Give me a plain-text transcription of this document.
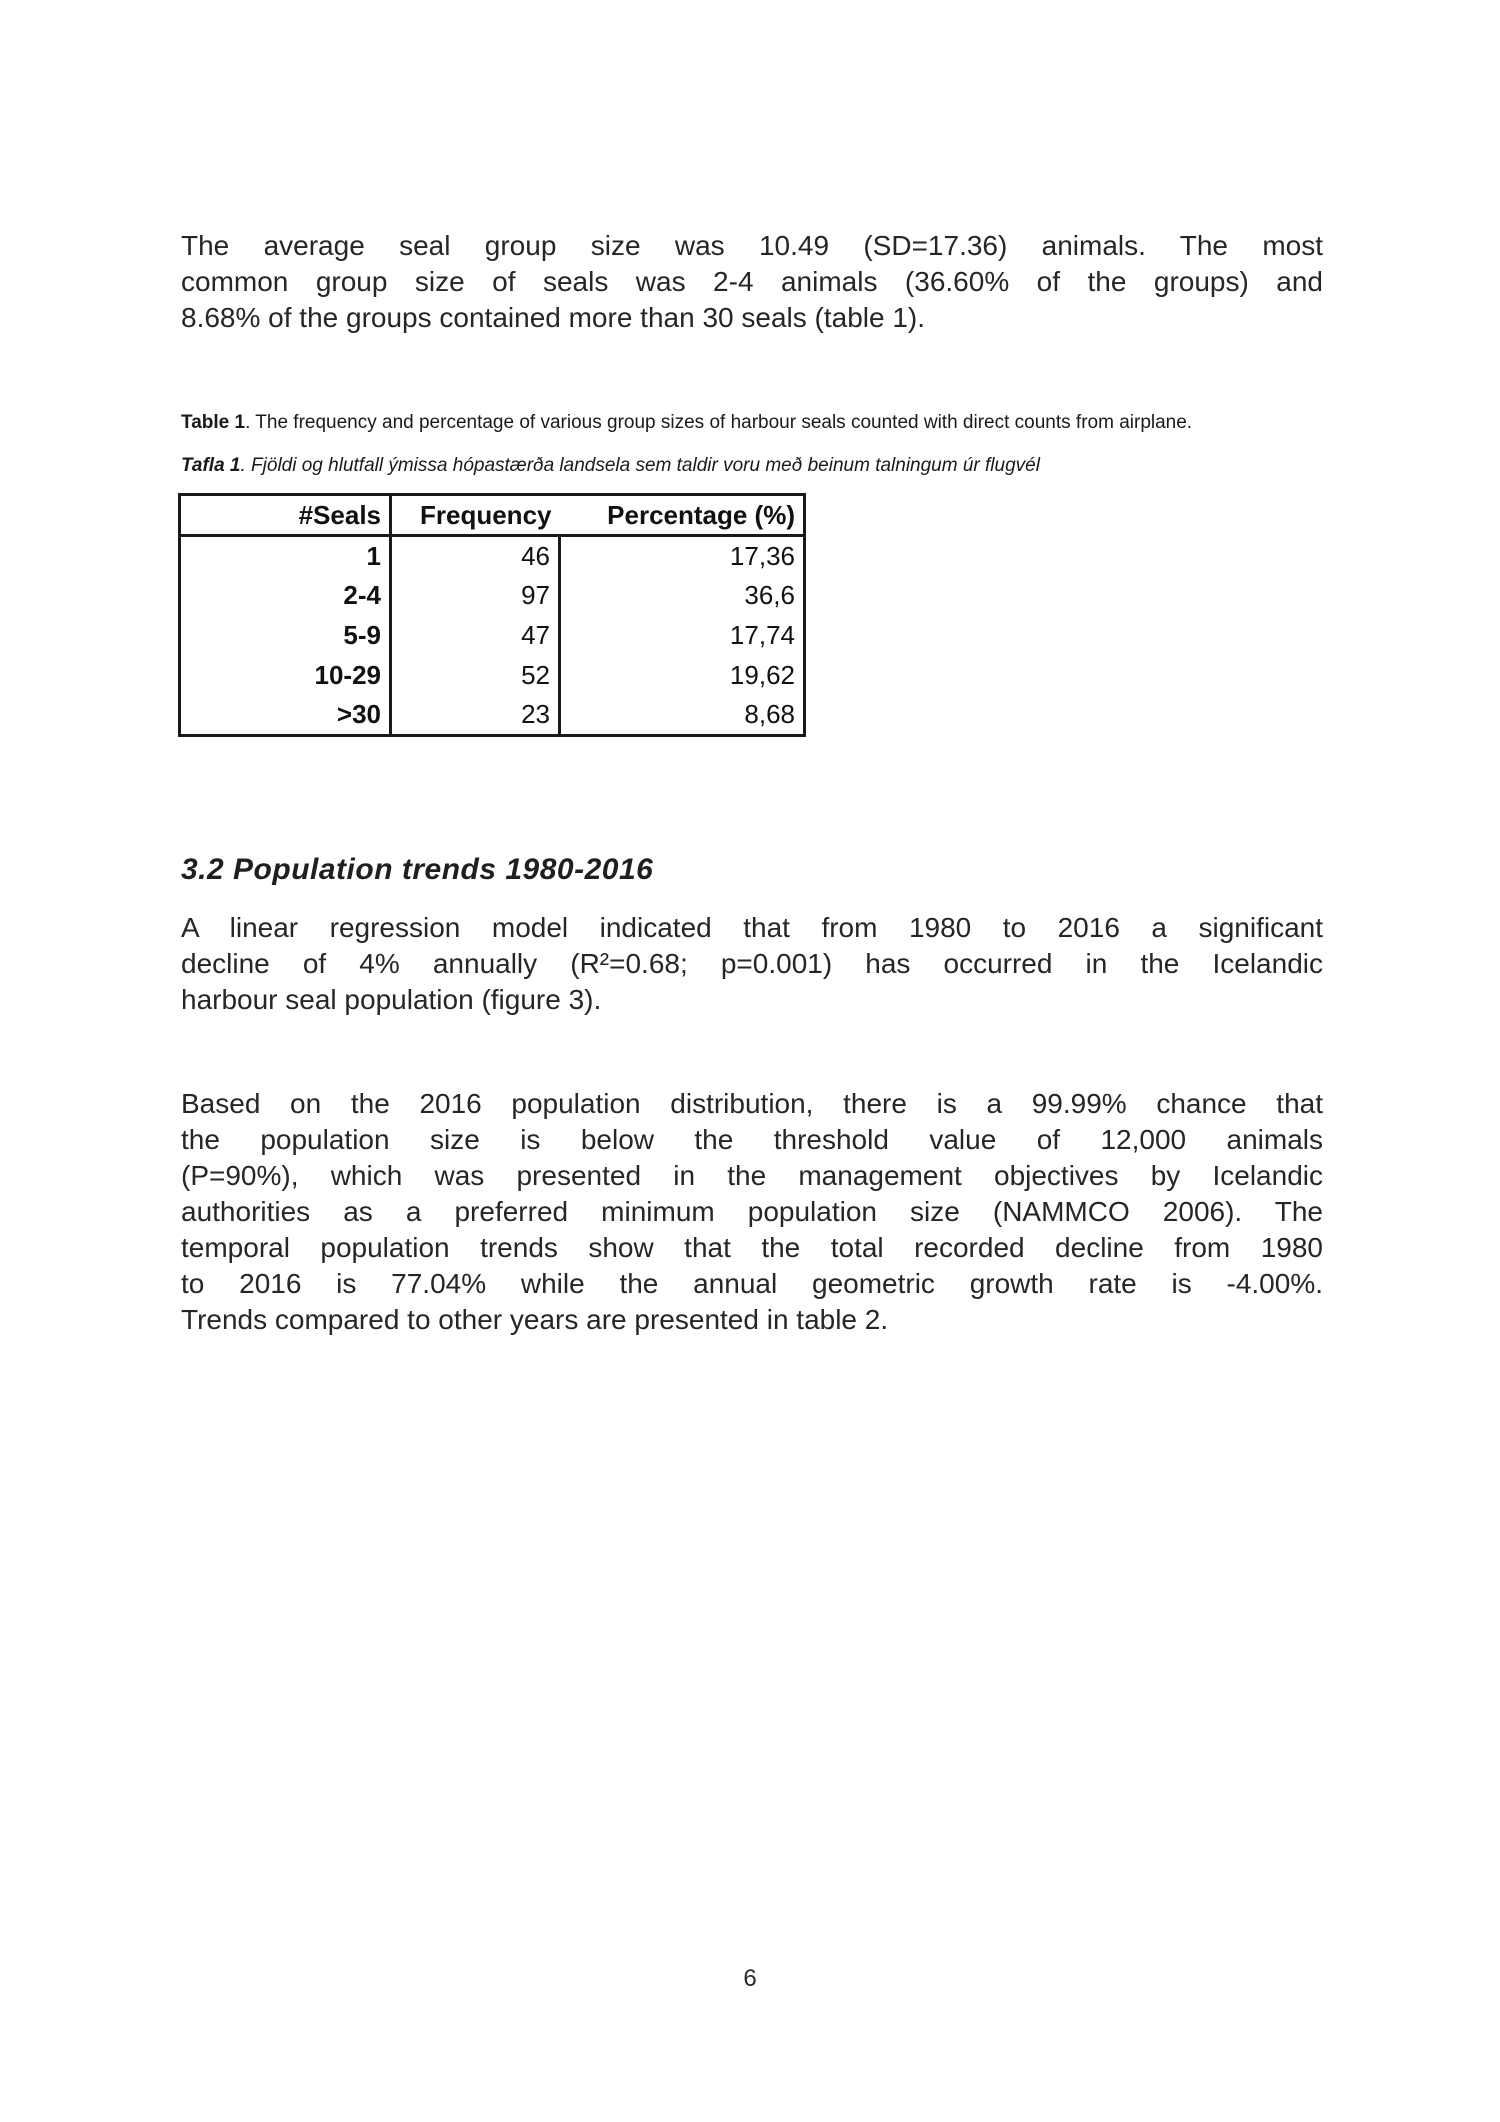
The average seal group size was 10.49 (SD=17.36) animals. The most
common group size of seals was 2-4 animals (36.60% of the groups) and
8.68% of the groups contained more than 30 seals (table 1).
Table 1. The frequency and percentage of various group sizes of harbour seals counted with direct counts from airplane.
Tafla 1. Fjöldi og hlutfall ýmissa hópastærða landsela sem taldir voru með beinum talningum úr flugvél
#Seals	Frequency	Percentage (%)
1	46	17,36
2-4	97	36,6
5-9	47	17,74
10-29	52	19,62
>30	23	8,68
3.2 Population trends 1980-2016
A linear regression model indicated that from 1980 to 2016 a significant
decline of 4% annually (R²=0.68; p=0.001) has occurred in the Icelandic
harbour seal population (figure 3).
Based on the 2016 population distribution, there is a 99.99% chance that
the population size is below the threshold value of 12,000 animals
(P=90%), which was presented in the management objectives by Icelandic
authorities as a preferred minimum population size (NAMMCO 2006). The
temporal population trends show that the total recorded decline from 1980
to 2016 is 77.04% while the annual geometric growth rate is -4.00%.
Trends compared to other years are presented in table 2.
6
